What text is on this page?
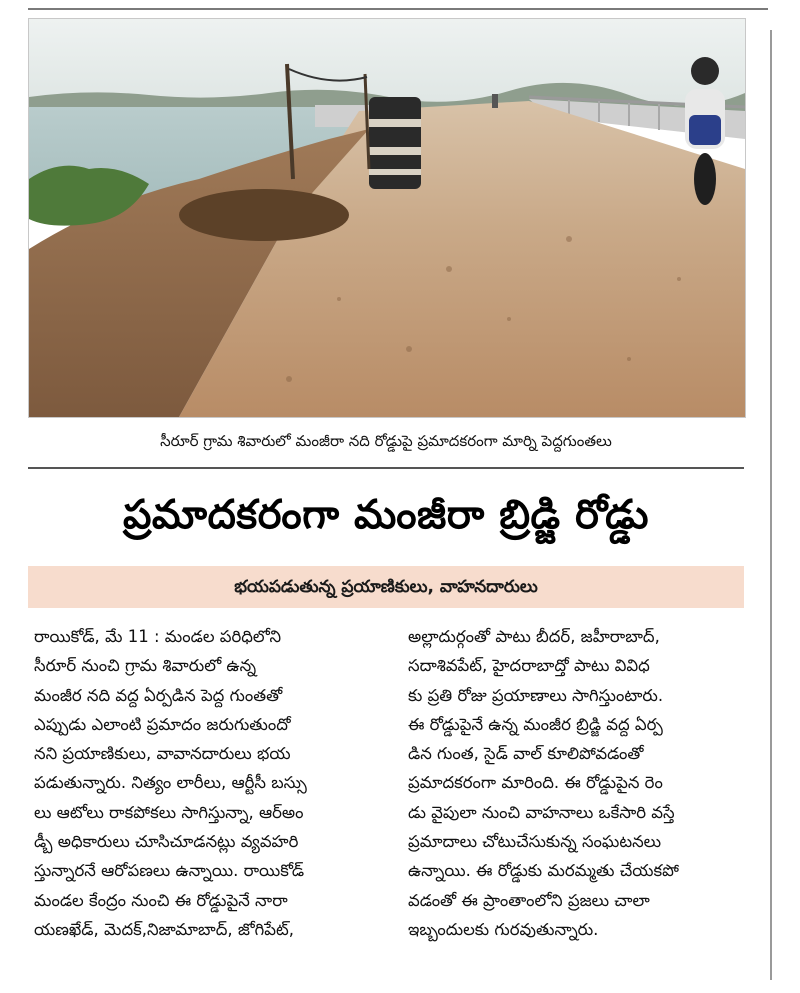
సీరూర్ గ్రామ శివారులో మంజీరా నది రోడ్డుపై ప్రమాదకరంగా మార్ని పెద్దగుంతలు
ప్రమాదకరంగా మంజీరా బ్రిడ్జి రోడ్డు
భయపడుతున్న ప్రయాణికులు, వాహనదారులు
రాయికోడ్, మే 11 : మండల పరిధిలోని
సీరూర్ నుంచి గ్రామ శివారులో ఉన్న
మంజీర నది వద్ద ఏర్పడిన పెద్ద గుంతతో
ఎప్పుడు ఎలాంటి ప్రమాదం జరుగుతుందో
నని ప్రయాణికులు, వావానదారులు భయ
పడుతున్నారు. నిత్యం లారీలు, ఆర్టీసీ బస్సు
లు ఆటోలు రాకపోకలు సాగిస్తున్నా, ఆర్అం
డ్బీ అధికారులు చూసిచూడనట్లు వ్యవహరి
స్తున్నారనే ఆరోపణలు ఉన్నాయి. రాయికోడ్
మండల కేంద్రం నుంచి ఈ రోడ్డుపైనే నారా
యణఖేడ్, మెదక్,నిజామాబాద్, జోగిపేట్,
అల్లాదుర్గంతో పాటు బీదర్, జహీరాబాద్,
సదాశివపేట్, హైదరాబాద్తో పాటు వివిధ
కు ప్రతి రోజు ప్రయాణాలు సాగిస్తుంటారు.
ఈ రోడ్డుపైనే ఉన్న మంజీర బ్రిడ్జి వద్ద ఏర్ప
డిన గుంత, సైడ్ వాల్ కూలిపోవడంతో
ప్రమాదకరంగా మారింది. ఈ రోడ్డుపైన రెం
డు వైపులా నుంచి వాహనాలు ఒకేసారి వస్తే
ప్రమాదాలు చోటుచేసుకున్న సంఘటనలు
ఉన్నాయి. ఈ రోడ్డుకు మరమ్మతు చేయకపో
వడంతో ఈ ప్రాంతాంలోని ప్రజలు చాలా
ఇబ్బందులకు గురవుతున్నారు.
